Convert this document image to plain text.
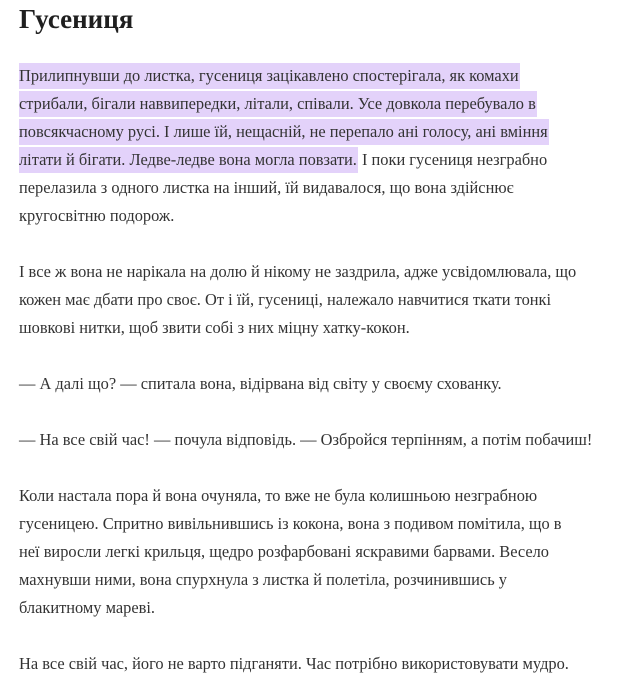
Гусениця

Прилипнувши до листка, гусениця зацікавлено спостерігала, як комахи
стрибали, бігали наввипередки, літали, співали. Усе довкола перебувало в
повсякчасному русі. І лише їй, нещасній, не перепало ані голосу, ані вміння
літати й бігати. Ледве-ледве вона могла повзати. І поки гусениця незграбно
перелазила з одного листка на інший, їй видавалося, що вона здійснює
кругосвітню подорож.

І все ж вона не нарікала на долю й нікому не заздрила, адже усвідомлювала, що
кожен має дбати про своє. От і їй, гусениці, належало навчитися ткати тонкі
шовкові нитки, щоб звити собі з них міцну хатку-кокон.

— А далі що? — спитала вона, відірвана від світу у своєму схованку.

— На все свій час! — почула відповідь. — Озбройся терпінням, а потім побачиш!

Коли настала пора й вона очуняла, то вже не була колишньою незграбною
гусеницею. Спритно вивільнившись із кокона, вона з подивом помітила, що в
неї виросли легкі крильця, щедро розфарбовані яскравими барвами. Весело
махнувши ними, вона спурхнула з листка й полетіла, розчинившись у
блакитному мареві.

На все свій час, його не варто підганяти. Час потрібно використовувати мудро.
